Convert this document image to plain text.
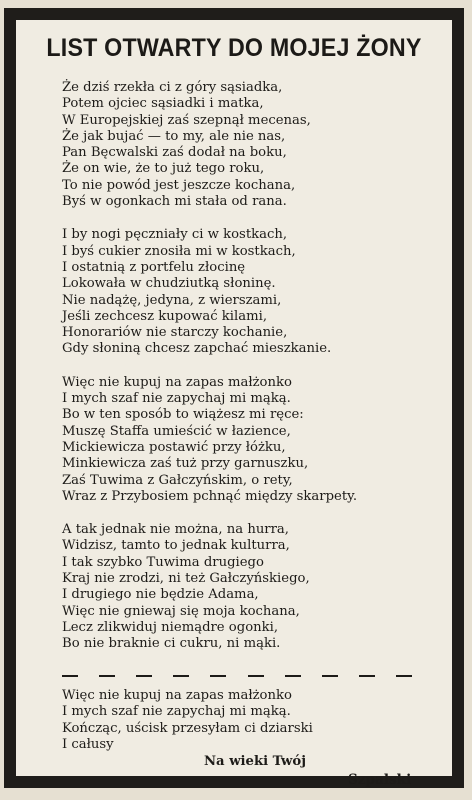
LIST OTWARTY DO MOJEJ ŻONY
Że dziś rzekła ci z góry sąsiadka,
Potem ojciec sąsiadki i matka,
W Europejskiej zaś szepnął mecenas,
Że jak bujać — to my, ale nie nas,
Pan Bęcwalski zaś dodał na boku,
Że on wie, że to już tego roku,
To nie powód jest jeszcze kochana,
Byś w ogonkach mi stała od rana.
I by nogi pęczniały ci w kostkach,
I byś cukier znosiła mi w kostkach,
I ostatnią z portfelu złocinę
Lokowała w chudziutką słoninę.
Nie nadążę, jedyna, z wierszami,
Jeśli zechcesz kupować kilami,
Honorariów nie starczy kochanie,
Gdy słoniną chcesz zapchać mieszkanie.
Więc nie kupuj na zapas małżonko
I mych szaf nie zapychaj mi mąką.
Bo w ten sposób to wiążesz mi ręce:
Muszę Staffa umieścić w łazience,
Mickiewicza postawić przy łóżku,
Minkiewicza zaś tuż przy garnuszku,
Zaś Tuwima z Gałczyńskim, o rety,
Wraz z Przybosiem pchnąć między skarpety.
A tak jednak nie można, na hurra,
Widzisz, tamto to jednak kulturra,
I tak szybko Tuwima drugiego
Kraj nie zrodzi, ni też Gałczyńskiego,
I drugiego nie będzie Adama,
Więc nie gniewaj się moja kochana,
Lecz zlikwiduj niemądre ogonki,
Bo nie braknie ci cukru, ni mąki.
Więc nie kupuj na zapas małżonko
I mych szaf nie zapychaj mi mąką.
Kończąc, uścisk przesyłam ci dziarski
I całusy
Na wieki Twój
Szpalski
